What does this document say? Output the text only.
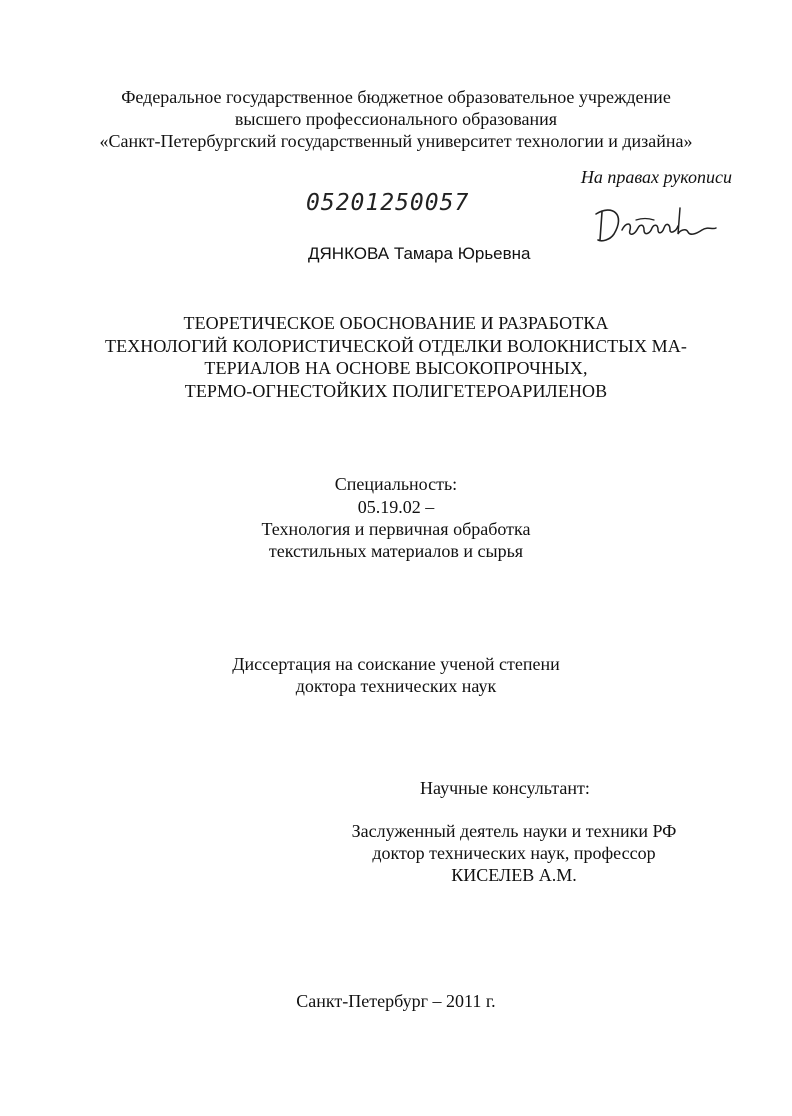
Федеральное государственное бюджетное образовательное учреждение
высшего профессионального образования
«Санкт-Петербургский государственный университет технологии и дизайна»
На правах рукописи
05201250057
ДЯНКОВА Тамара Юрьевна
ТЕОРЕТИЧЕСКОЕ ОБОСНОВАНИЕ И РАЗРАБОТКА
ТЕХНОЛОГИЙ КОЛОРИСТИЧЕСКОЙ ОТДЕЛКИ ВОЛОКНИСТЫХ МА-
ТЕРИАЛОВ НА ОСНОВЕ ВЫСОКОПРОЧНЫХ,
ТЕРМО-ОГНЕСТОЙКИХ ПОЛИГЕТЕРОАРИЛЕНОВ
Специальность:
05.19.02 –
Технология и первичная обработка
текстильных материалов и сырья
Диссертация на соискание ученой степени
доктора технических наук
Научные консультант:
Заслуженный деятель науки и техники РФ
доктор технических наук, профессор
КИСЕЛЕВ А.М.
Санкт-Петербург – 2011 г.
